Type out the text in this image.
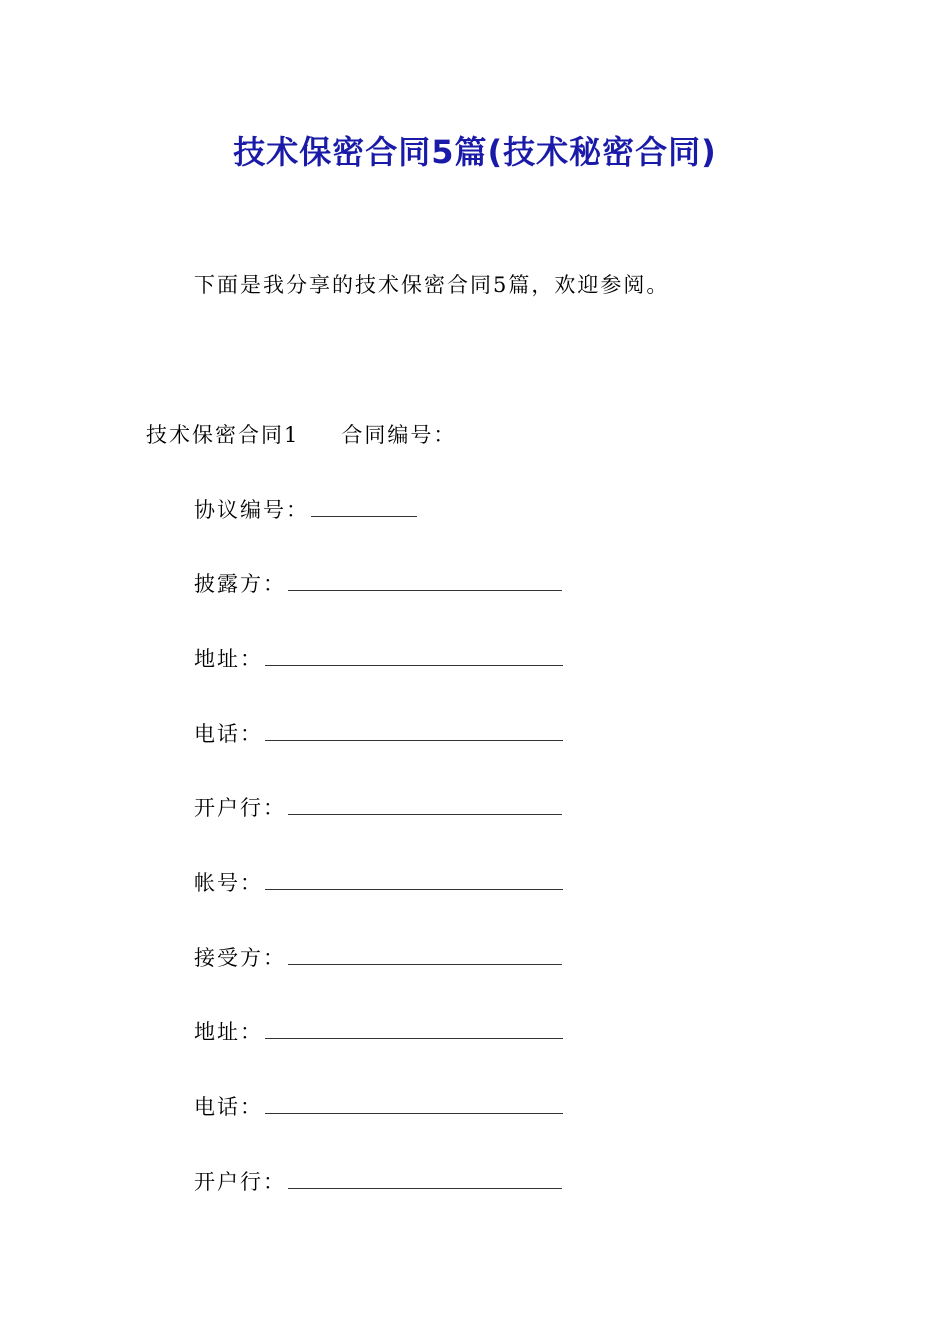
技术保密合同5篇(技术秘密合同)
下面是我分享的技术保密合同5篇，欢迎参阅。
技术保密合同1 合同编号：
协议编号：
披露方：
地址：
电话：
开户行：
帐号：
接受方：
地址：
电话：
开户行：
